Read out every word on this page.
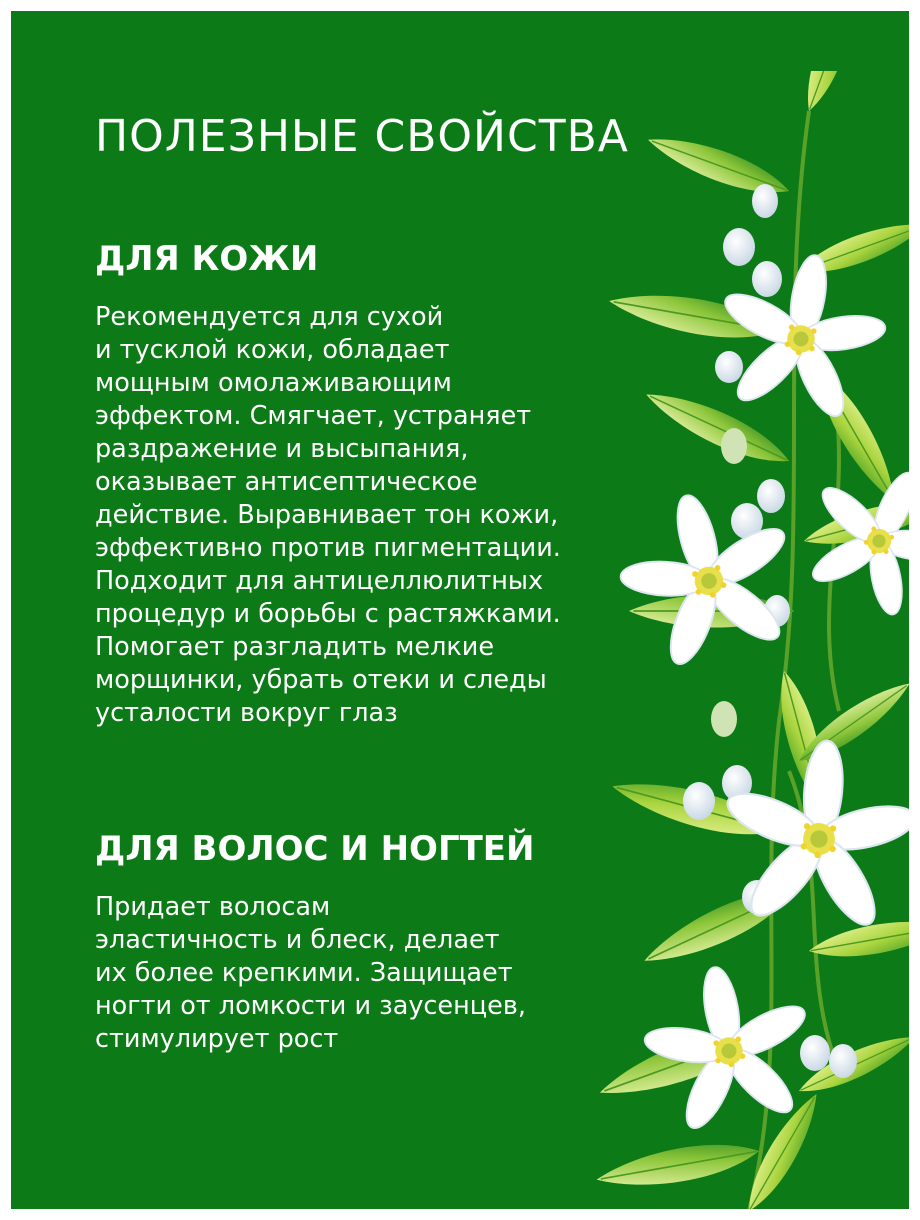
ПОЛЕЗНЫЕ СВОЙСТВА
ДЛЯ КОЖИ
Рекомендуется для сухой
и тусклой кожи, обладает
мощным омолаживающим
эффектом. Смягчает, устраняет
раздражение и высыпания,
оказывает антисептическое
действие. Выравнивает тон кожи,
эффективно против пигментации.
Подходит для антицеллюлитных
процедур и борьбы с растяжками.
Помогает разгладить мелкие
морщинки, убрать отеки и следы
усталости вокруг глаз
ДЛЯ ВОЛОС И НОГТЕЙ
Придает волосам
эластичность и блеск, делает
их более крепкими. Защищает
ногти от ломкости и заусенцев,
стимулирует рост
